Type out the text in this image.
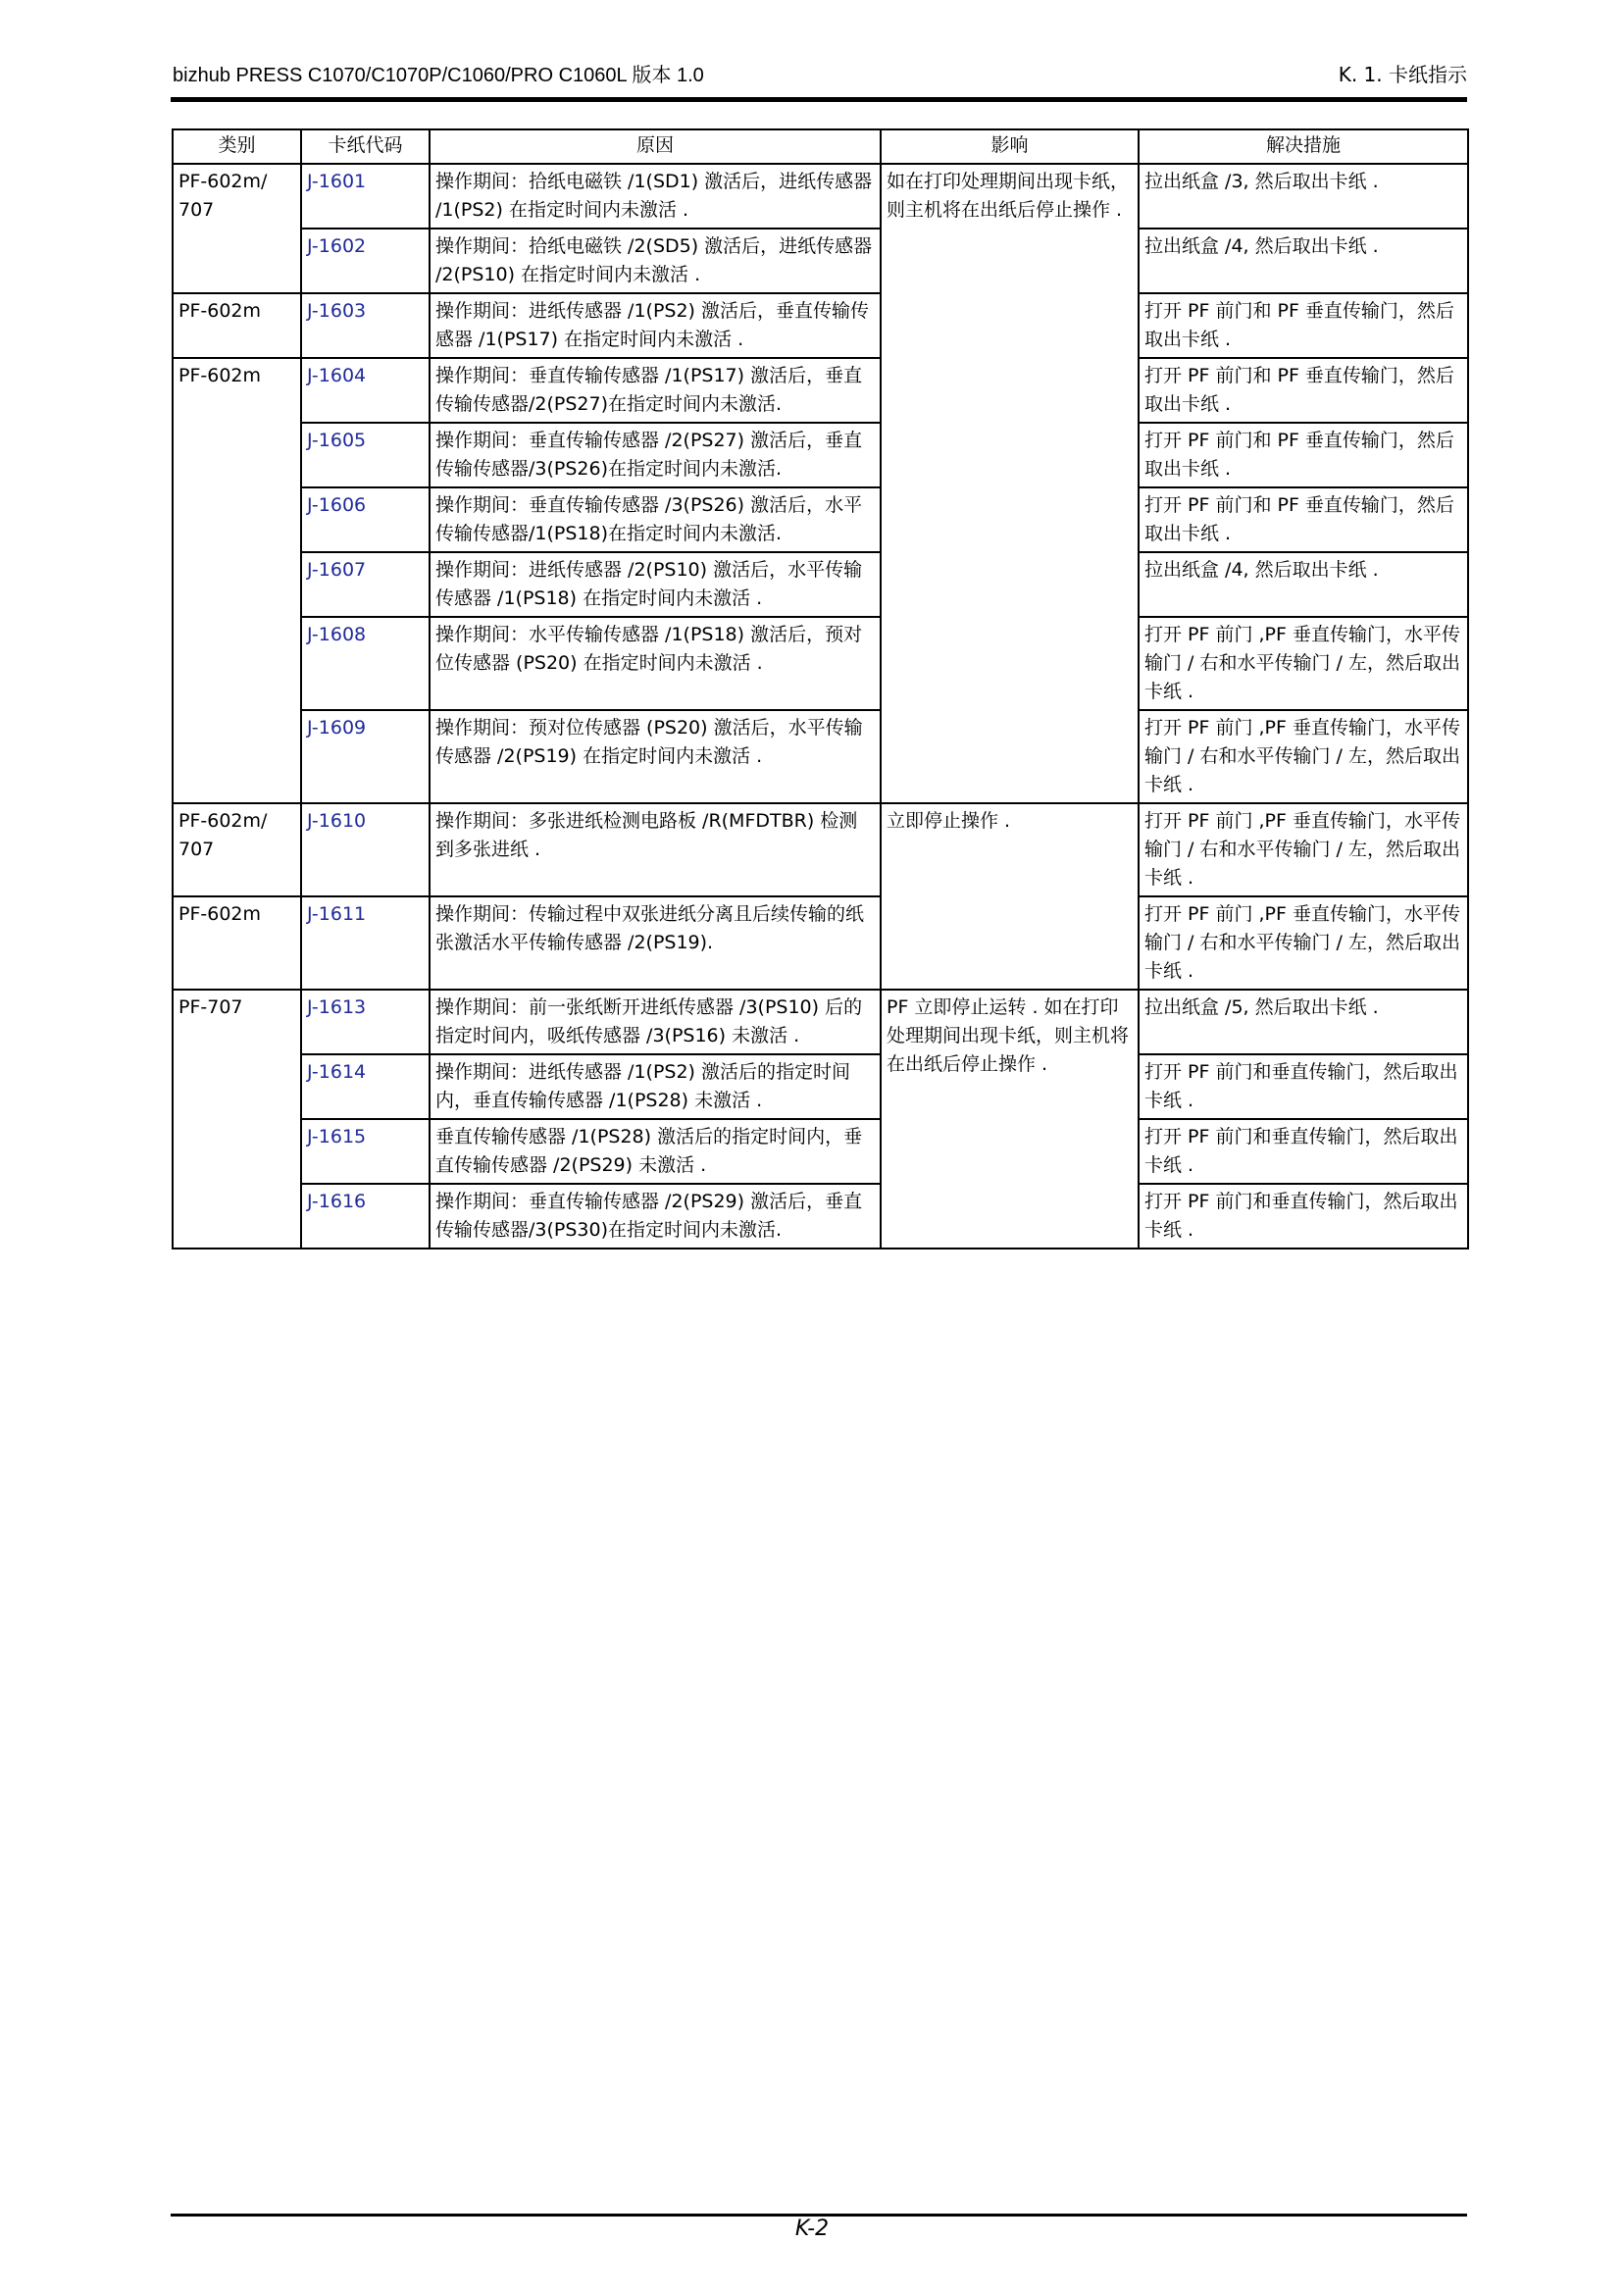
bizhub PRESS C1070/C1070P/C1060/PRO C1060L 版本 1.0	K. 1. 卡纸指示
类别	卡纸代码	原因	影响	解决措施
PF-602m/ 707	J-1601	操作期间：拾纸电磁铁 /1(SD1) 激活后，进纸传感器 /1(PS2) 在指定时间内未激活 .	如在打印处理期间出现卡纸，则主机将在出纸后停止操作 .	拉出纸盒 /3, 然后取出卡纸 .
	J-1602	操作期间：拾纸电磁铁 /2(SD5) 激活后，进纸传感器 /2(PS10) 在指定时间内未激活 .		拉出纸盒 /4, 然后取出卡纸 .
PF-602m	J-1603	操作期间：进纸传感器 /1(PS2) 激活后，垂直传输传感器 /1(PS17) 在指定时间内未激活 .		打开 PF 前门和 PF 垂直传输门，然后取出卡纸 .
PF-602m	J-1604	操作期间：垂直传输传感器 /1(PS17) 激活后，垂直传输传感器/2(PS27)在指定时间内未激活.		打开 PF 前门和 PF 垂直传输门，然后取出卡纸 .
	J-1605	操作期间：垂直传输传感器 /2(PS27) 激活后，垂直传输传感器/3(PS26)在指定时间内未激活.		打开 PF 前门和 PF 垂直传输门，然后取出卡纸 .
	J-1606	操作期间：垂直传输传感器 /3(PS26) 激活后，水平传输传感器/1(PS18)在指定时间内未激活.		打开 PF 前门和 PF 垂直传输门，然后取出卡纸 .
	J-1607	操作期间：进纸传感器 /2(PS10) 激活后，水平传输传感器 /1(PS18) 在指定时间内未激活 .		拉出纸盒 /4, 然后取出卡纸 .
	J-1608	操作期间：水平传输传感器 /1(PS18) 激活后，预对位传感器 (PS20) 在指定时间内未激活 .		打开 PF 前门 ,PF 垂直传输门，水平传输门 / 右和水平传输门 / 左，然后取出卡纸 .
	J-1609	操作期间：预对位传感器 (PS20) 激活后，水平传输传感器 /2(PS19) 在指定时间内未激活 .		打开 PF 前门 ,PF 垂直传输门，水平传输门 / 右和水平传输门 / 左，然后取出卡纸 .
PF-602m/ 707	J-1610	操作期间：多张进纸检测电路板 /R(MFDTBR) 检测到多张进纸 .	立即停止操作 .	打开 PF 前门 ,PF 垂直传输门，水平传输门 / 右和水平传输门 / 左，然后取出卡纸 .
PF-602m	J-1611	操作期间：传输过程中双张进纸分离且后续传输的纸张激活水平传输传感器 /2(PS19).		打开 PF 前门 ,PF 垂直传输门，水平传输门 / 右和水平传输门 / 左，然后取出卡纸 .
PF-707	J-1613	操作期间：前一张纸断开进纸传感器 /3(PS10) 后的指定时间内，吸纸传感器 /3(PS16) 未激活 .	PF 立即停止运转 . 如在打印处理期间出现卡纸，则主机将在出纸后停止操作 .	拉出纸盒 /5, 然后取出卡纸 .
	J-1614	操作期间：进纸传感器 /1(PS2) 激活后的指定时间内，垂直传输传感器 /1(PS28) 未激活 .		打开 PF 前门和垂直传输门，然后取出卡纸 .
	J-1615	垂直传输传感器 /1(PS28) 激活后的指定时间内，垂直传输传感器 /2(PS29) 未激活 .		打开 PF 前门和垂直传输门，然后取出卡纸 .
	J-1616	操作期间：垂直传输传感器 /2(PS29) 激活后，垂直传输传感器/3(PS30)在指定时间内未激活.		打开 PF 前门和垂直传输门，然后取出卡纸 .
K-2
